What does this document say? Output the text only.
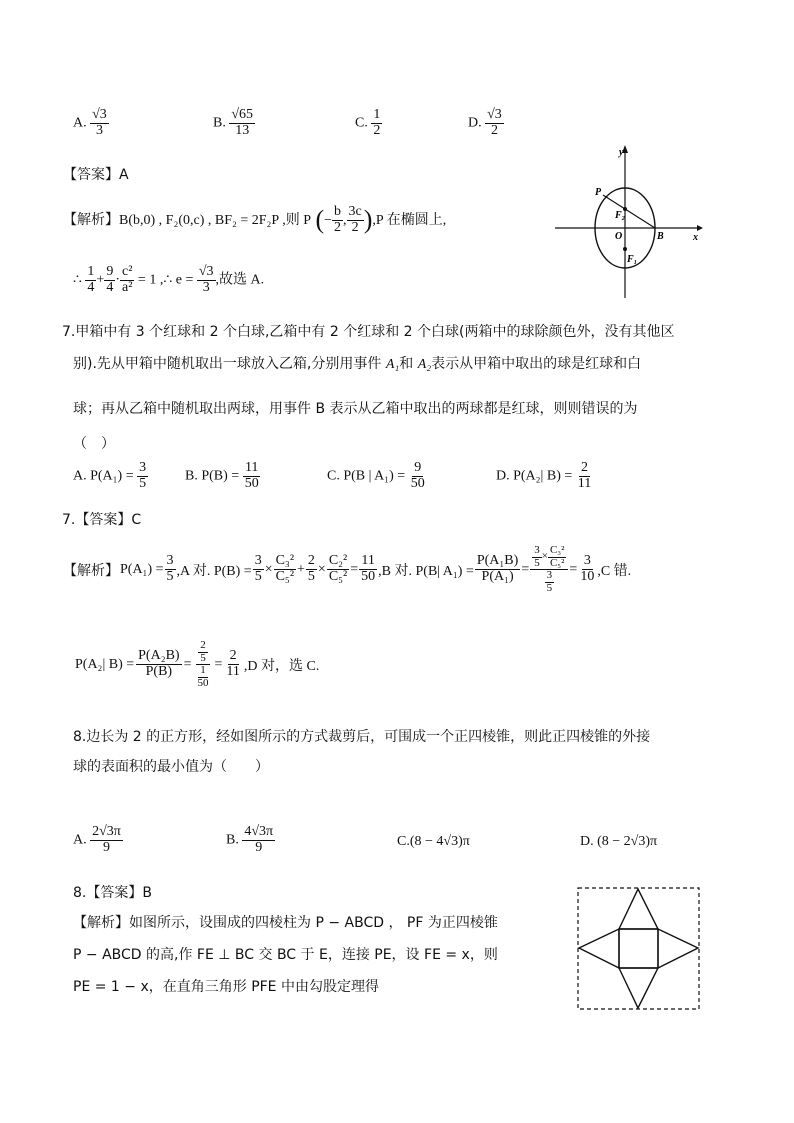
A. $\frac{√3}{3}$	B. $\frac{√65}{13}$	C. $\frac{1}{2}$	D. $\frac{√3}{2}$
【答案】A
【解析】B(b,0) , F₂(0,c) , BF₂ = 2F₂P ,则 P (− $\frac{b}{2}$ , $\frac{3c}{2} ),P$ 在椭圆上,
∴ $\frac{1}{4} + \frac{9}{4} \cdot \frac{\text{c²}}{\text{a²}} = 1$ ,∴ $e = \frac{√3}{3}$ ,故选 A.
y
x
O	B
P
F₂
F₁
7.甲箱中有 3 个红球和 2 个白球,乙箱中有 2 个红球和 2 个白球(两箱中的球除颜色外，没有其他区
别).先从甲箱中随机取出一球放入乙箱,分别用事件 A₁和 A₂表示从甲箱中取出的球是红球和白
球；再从乙箱中随机取出两球，用事件 B 表示从乙箱中取出的两球都是红球，则则错误的为
（　）
A. $P(A_1) = \frac{3}{5}$	B. $P(B) = \frac{11}{50}$	C. P(B | $A_1) = \frac{9}{50}$	D. P(A₂| $B) = \frac{2}{11}$
7.【答案】C
【解析】 $P(A_1) = \frac{3}{5} ,A$ 对. $P(B) = \frac{3}{5} \times \frac{\text{C₃²}}{\text{C₅²}} + \frac{2}{5} \times \frac{\text{C₂²}}{\text{C₅²}} = \frac{11}{50} ,B$ 对. P(B| $A_1) = \frac{\text{P(A₁B)}}{\text{P(A₁)}} = \frac{\frac{3}{5} \times \frac{\text{C₃²}}{\text{C₅²}}}{\frac{3}{5}} = \frac{3}{10} ,C$ 错.
P(A₂| $B) = \frac{\text{P(A₂B)}}{P(B)} = \frac{\frac{2}{5}}{\frac{1}{50}} = \frac{2}{11} ,D$ 对，选 C.
8.边长为 2 的正方形，经如图所示的方式裁剪后，可围成一个正四棱锥，则此正四棱锥的外接
球的表面积的最小值为（　　）
A. $\frac{2√3\pi}{9}$	B. $\frac{4√3\pi}{9}$	C.(8 − 4√3)π	D. (8 − 2√3)π
8.【答案】B
【解析】如图所示，设围成的四棱柱为 P − ABCD ， PF 为正四棱锥
P − ABCD 的高,作 FE ⊥ BC 交 BC 于 E，连接 PE，设 FE = x，则
PE = 1 − x，在直角三角形 PFE 中由勾股定理得
